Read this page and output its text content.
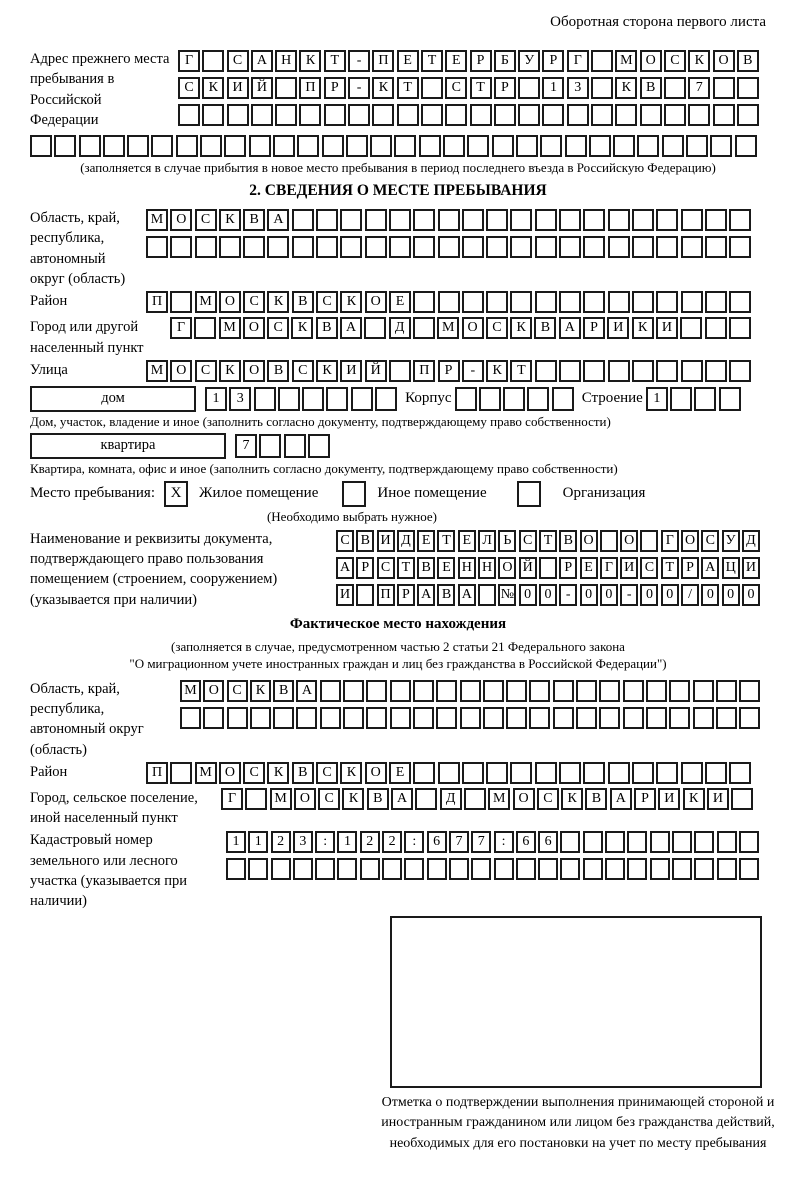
Оборотная сторона первого листа
Адрес прежнего места пребывания в Российской Федерации
Г	С	А	Н	К	Т	-	П	Е	Т	Е	Р	Б	У	Р	Г	М О	С	К	О	В
С	К	И	Й	П	Р	-	К	Т	С	Т	Р	1	3	К	В	7
(заполняется в случае прибытия в новое место пребывания в период последнего въезда в Российскую Федерацию)
2. СВЕДЕНИЯ О МЕСТЕ ПРЕБЫВАНИЯ
Область, край, республика, автономный округ (область)
М О	С	К	В	А
Район	П	М О	С	К	В	С	К	О	Е
Город или другой населенный пункт
Г	М О	С	К	В	А	Д	М О	С	К	В	А	Р	И	К	И
Улица	М О	С	К	О	В	С	К	И	Й	П	Р	-	К	Т
дом	1	3	Корпус	Строение 1
Дом, участок, владение и иное (заполнить согласно документу, подтверждающему право собственности)
квартира	7
Квартира, комната, офис и иное (заполнить согласно документу, подтверждающему право собственности)
Место пребывания:	X	Жилое помещение	Иное помещение	Организация
(Необходимо выбрать нужное)
Наименование и реквизиты документа, подтверждающего право пользования помещением (строением, сооружением) (указывается при наличии)
С В И Д Е Т Е Л Ь С Т В О О	Г О С У Д
А Р С Т В Е Н Н О Й	Р Е Г И С Т Р А Ц И
И П Р А В А № 0 0	-	0 0	-	0 0	/	0 0 0
Фактическое место нахождения
(заполняется в случае, предусмотренном частью 2 статьи 21 Федерального закона
"О миграционном учете иностранных граждан и лиц без гражданства в Российской Федерации")
Область, край, республика, автономный округ (область)
М О С К В А
Район	П	М О	С	К	В	С	К	О	Е
Город, сельское поселение, иной населенный пункт
Г	М О	С	К	В	А	Д	М О	С	К	В	А	Р	И	К	И
Кадастровый номер земельного или лесного участка (указывается при наличии)
1	1	2	3	:	1	2	2	:	6	7	7	:	6	6
Отметка о подтверждении выполнения принимающей стороной и иностранным гражданином или лицом без гражданства действий, необходимых для его постановки на учет по месту пребывания
